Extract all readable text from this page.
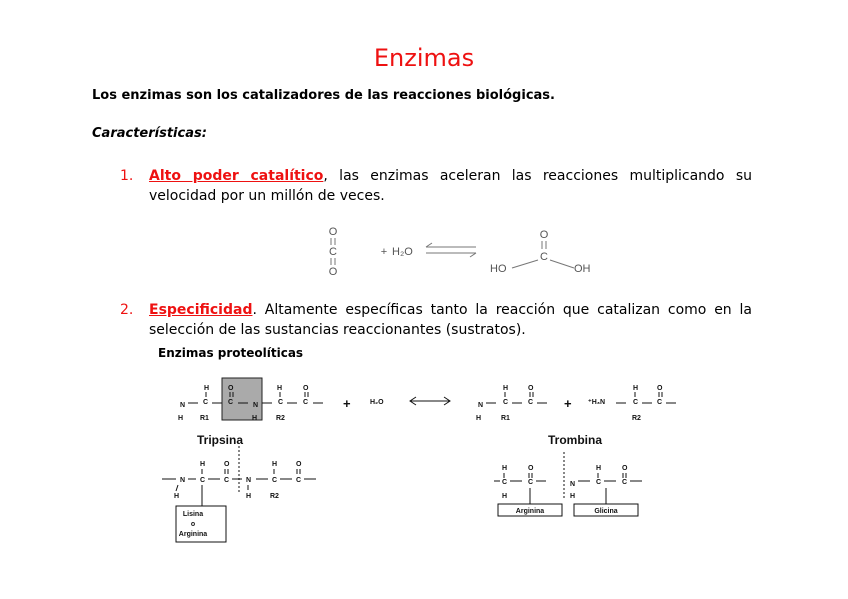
Enzimas
Los enzimas son los catalizadores de las reacciones biológicas.
Características:
1. Alto poder catalítico, las enzimas aceleran las reacciones multiplicando su velocidad por un millón de veces.
O
C
O
+ H₂O
O
C
HO	OH
2. Especificidad. Altamente específicas tanto la reacción que catalizan como en la selección de las sustancias reaccionantes (sustratos).
Enzimas proteolíticas
N
H
H
C
R1
O
C	N
H
H
C
R2
O
C	H₂O	N
H
H
C
R1
O
C	⁺H₃N
H
C
R2
O
C
H
N C
H
O
C N
H
H
C
R2
O
C
H
C
O
C
H
N
H
H
C
O
C
Lisina
o
Arginina
Arginina	Glicina
+	+
Tripsina	Trombina
